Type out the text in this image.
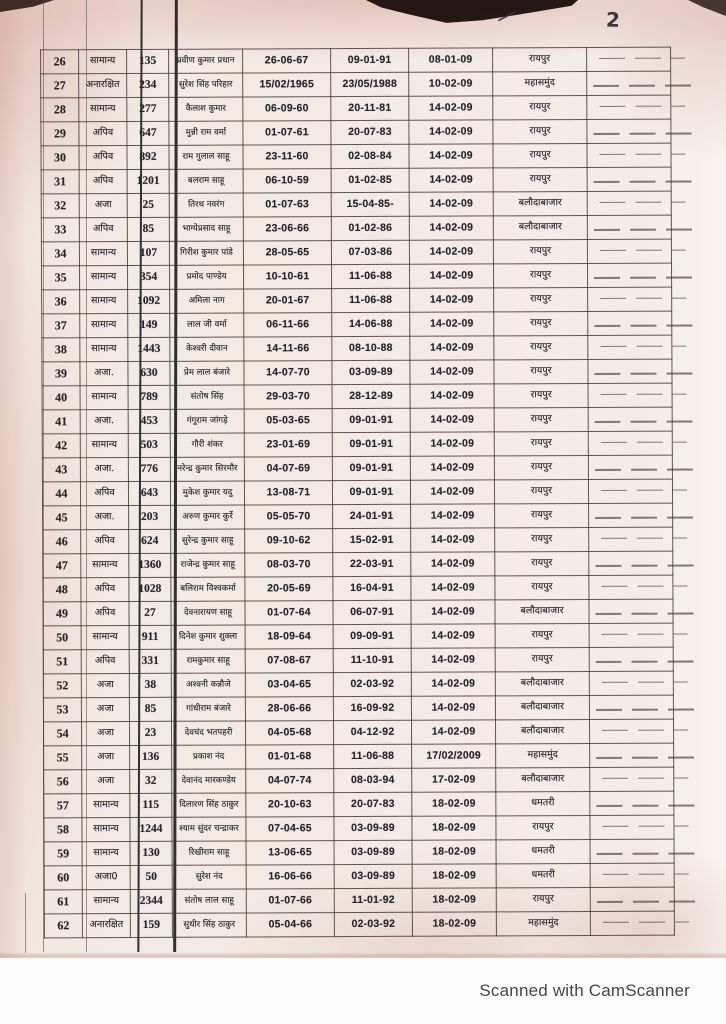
2
26	सामान्य	135	प्रवीण कुमार प्रधान	26-06-67	09-01-91	08-01-09	रायपुर	
27	अनारक्षित	234	सुरेश सिंह परिहार	15/02/1965	23/05/1988	10-02-09	महासमुंद	
28	सामान्य	277	कैलाश कुमार	06-09-60	20-11-81	14-02-09	रायपुर	
29	अपिव	647	मुन्नी राम वर्मा	01-07-61	20-07-83	14-02-09	रायपुर	
30	अपिव	892	राम गुलाल साहू	23-11-60	02-08-84	14-02-09	रायपुर	
31	अपिव	1201	बलराम साहू	06-10-59	01-02-85	14-02-09	रायपुर	
32	अजा	25	तिरथ नवरंग	01-07-63	15-04-85-	14-02-09	बलौदाबाजार	
33	अपिव	85	भाग्येप्रसाद साहू	23-06-66	01-02-86	14-02-09	बलौदाबाजार	
34	सामान्य	107	गिरीश कुमार पांडे	28-05-65	07-03-86	14-02-09	रायपुर	
35	सामान्य	354	प्रमोद पाण्डेय	10-10-61	11-06-88	14-02-09	रायपुर	
36	सामान्य	1092	अमिला नाग	20-01-67	11-06-88	14-02-09	रायपुर	
37	सामान्य	149	लाल जी वर्मा	06-11-66	14-06-88	14-02-09	रायपुर	
38	सामान्य	1443	केश्वरी दीवान	14-11-66	08-10-88	14-02-09	रायपुर	
39	अजा.	630	प्रेम लाल बंजारे	14-07-70	03-09-89	14-02-09	रायपुर	
40	सामान्य	789	संतोष सिंह	29-03-70	28-12-89	14-02-09	रायपुर	
41	अजा.	453	गंगूराम जांगड़े	05-03-65	09-01-91	14-02-09	रायपुर	
42	सामान्य	503	गौरी शंकर	23-01-69	09-01-91	14-02-09	रायपुर	
43	अजा.	776	नरेन्द्र कुमार सिरमौर	04-07-69	09-01-91	14-02-09	रायपुर	
44	अपिव	643	मुकेश कुमार यदु	13-08-71	09-01-91	14-02-09	रायपुर	
45	अजा.	203	अरुण कुमार कुर्रे	05-05-70	24-01-91	14-02-09	रायपुर	
46	अपिव	624	सुरेन्द्र कुमार साहू	09-10-62	15-02-91	14-02-09	रायपुर	
47	सामान्य	1360	राजेन्द्र कुमार साहू	08-03-70	22-03-91	14-02-09	रायपुर	
48	अपिव	1028	बलिराम विश्वकर्मा	20-05-69	16-04-91	14-02-09	रायपुर	
49	अपिव	27	देवनारायण साहू	01-07-64	06-07-91	14-02-09	बलौदाबाजार	
50	सामान्य	911	दिनेश कुमार शुक्ला	18-09-64	09-09-91	14-02-09	रायपुर	
51	अपिव	331	रामकुमार साहू	07-08-67	11-10-91	14-02-09	रायपुर	
52	अजा	38	अश्वनी कन्नौजे	03-04-65	02-03-92	14-02-09	बलौदाबाजार	
53	अजा	85	गांधीराम बंजारे	28-06-66	16-09-92	14-02-09	बलौदाबाजार	
54	अजा	23	देवचंद भतपहरी	04-05-68	04-12-92	14-02-09	बलौदाबाजार	
55	अजा	136	प्रकाश नंद	01-01-68	11-06-88	17/02/2009	महासमुंद	
56	अजा	32	देवानंद मारकण्डेय	04-07-74	08-03-94	17-02-09	बलौदाबाजार	
57	सामान्य	115	दिलारण सिंह ठाकुर	20-10-63	20-07-83	18-02-09	धमतरी	
58	सामान्य	1244	श्याम सुंदर चन्द्राकर	07-04-65	03-09-89	18-02-09	रायपुर	
59	सामान्य	130	रिखीराम साहू	13-06-65	03-09-89	18-02-09	धमतरी	
60	अजा0	50	सुरेश नंद	16-06-66	03-09-89	18-02-09	धमतरी	
61	सामान्य	2344	संतोष लाल साहू	01-07-66	11-01-92	18-02-09	रायपुर	
62	अनारक्षित	159	सुधीर सिंह ठाकुर	05-04-66	02-03-92	18-02-09	महासमुंद	
Scanned with CamScanner
